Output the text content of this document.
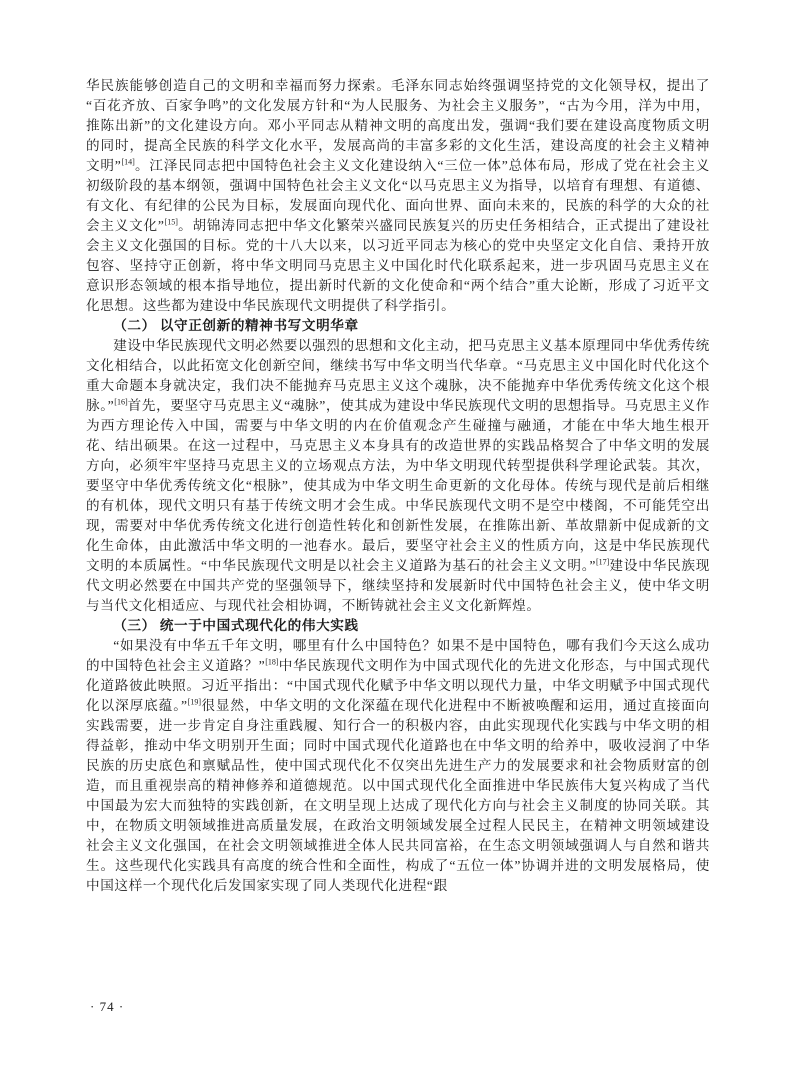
华民族能够创造自己的文明和幸福而努力探索。毛泽东同志始终强调坚持党的文化领导权，提出了“百花齐放、百家争鸣”的文化发展方针和“为人民服务、为社会主义服务”，“古为今用，洋为中用，推陈出新”的文化建设方向。邓小平同志从精神文明的高度出发，强调“我们要在建设高度物质文明的同时，提高全民族的科学文化水平，发展高尚的丰富多彩的文化生活，建设高度的社会主义精神文明”[14]。江泽民同志把中国特色社会主义文化建设纳入“三位一体”总体布局，形成了党在社会主义初级阶段的基本纲领，强调中国特色社会主义文化“以马克思主义为指导，以培育有理想、有道德、有文化、有纪律的公民为目标，发展面向现代化、面向世界、面向未来的，民族的科学的大众的社会主义文化”[15]。胡锦涛同志把中华文化繁荣兴盛同民族复兴的历史任务相结合，正式提出了建设社会主义文化强国的目标。党的十八大以来，以习近平同志为核心的党中央坚定文化自信、秉持开放包容、坚持守正创新，将中华文明同马克思主义中国化时代化联系起来，进一步巩固马克思主义在意识形态领域的根本指导地位，提出新时代新的文化使命和“两个结合”重大论断，形成了习近平文化思想。这些都为建设中华民族现代文明提供了科学指引。

（二） 以守正创新的精神书写文明华章

建设中华民族现代文明必然要以强烈的思想和文化主动，把马克思主义基本原理同中华优秀传统文化相结合，以此拓宽文化创新空间，继续书写中华文明当代华章。“马克思主义中国化时代化这个重大命题本身就决定，我们决不能抛弃马克思主义这个魂脉，决不能抛弃中华优秀传统文化这个根脉。”[16]首先，要坚守马克思主义“魂脉”，使其成为建设中华民族现代文明的思想指导。马克思主义作为西方理论传入中国，需要与中华文明的内在价值观念产生碰撞与融通，才能在中华大地生根开花、结出硕果。在这一过程中，马克思主义本身具有的改造世界的实践品格契合了中华文明的发展方向，必须牢牢坚持马克思主义的立场观点方法，为中华文明现代转型提供科学理论武装。其次，要坚守中华优秀传统文化“根脉”，使其成为中华文明生命更新的文化母体。传统与现代是前后相继的有机体，现代文明只有基于传统文明才会生成。中华民族现代文明不是空中楼阁，不可能凭空出现，需要对中华优秀传统文化进行创造性转化和创新性发展，在推陈出新、革故鼎新中促成新的文化生命体，由此激活中华文明的一池春水。最后，要坚守社会主义的性质方向，这是中华民族现代文明的本质属性。“中华民族现代文明是以社会主义道路为基石的社会主义文明。”[17]建设中华民族现代文明必然要在中国共产党的坚强领导下，继续坚持和发展新时代中国特色社会主义，使中华文明与当代文化相适应、与现代社会相协调，不断铸就社会主义文化新辉煌。

（三） 统一于中国式现代化的伟大实践

“如果没有中华五千年文明，哪里有什么中国特色？如果不是中国特色，哪有我们今天这么成功的中国特色社会主义道路？”[18]中华民族现代文明作为中国式现代化的先进文化形态，与中国式现代化道路彼此映照。习近平指出：“中国式现代化赋予中华文明以现代力量，中华文明赋予中国式现代化以深厚底蕴。”[19]很显然，中华文明的文化深蕴在现代化进程中不断被唤醒和运用，通过直接面向实践需要，进一步肯定自身注重践履、知行合一的积极内容，由此实现现代化实践与中华文明的相得益彰，推动中华文明别开生面；同时中国式现代化道路也在中华文明的给养中，吸收浸润了中华民族的历史底色和禀赋品性，使中国式现代化不仅突出先进生产力的发展要求和社会物质财富的创造，而且重视崇高的精神修养和道德规范。以中国式现代化全面推进中华民族伟大复兴构成了当代中国最为宏大而独特的实践创新，在文明呈现上达成了现代化方向与社会主义制度的协同关联。其中，在物质文明领域推进高质量发展，在政治文明领域发展全过程人民民主，在精神文明领域建设社会主义文化强国，在社会文明领域推进全体人民共同富裕，在生态文明领域强调人与自然和谐共生。这些现代化实践具有高度的统合性和全面性，构成了“五位一体”协调并进的文明发展格局，使中国这样一个现代化后发国家实现了同人类现代化进程“跟

· 74 ·
